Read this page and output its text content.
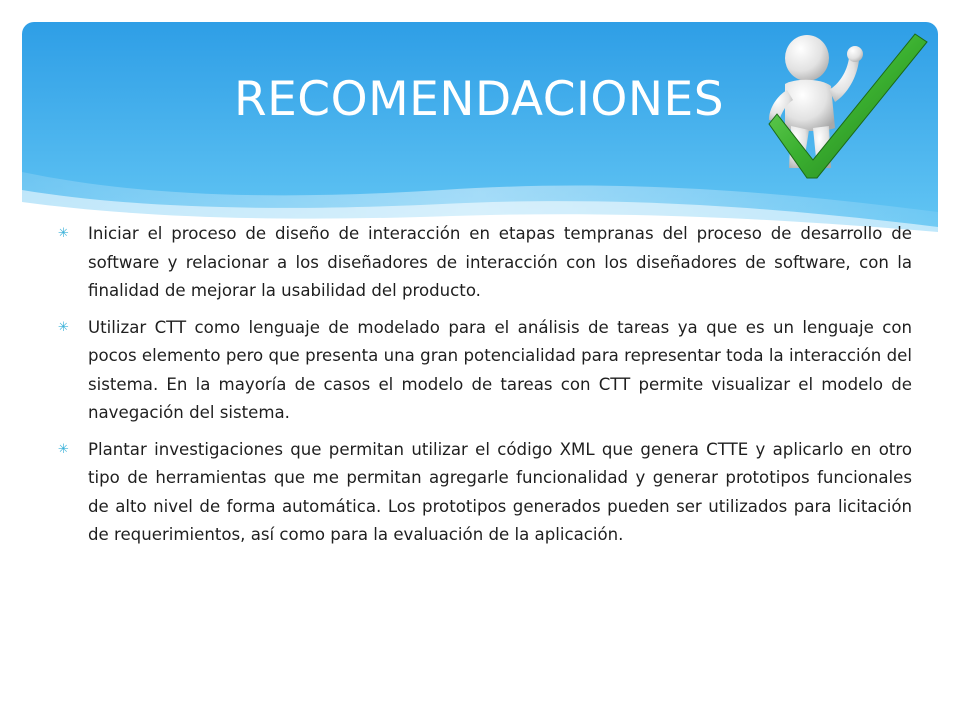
RECOMENDACIONES
✳ Iniciar el proceso de diseño de interacción en etapas tempranas del proceso de desarrollo de software y relacionar a los diseñadores de interacción con los diseñadores de software, con la finalidad de mejorar la usabilidad del producto.
✳ Utilizar CTT como lenguaje de modelado para el análisis de tareas ya que es un lenguaje con pocos elemento pero que presenta una gran potencialidad para representar toda la interacción del sistema. En la mayoría de casos el modelo de tareas con CTT permite visualizar el modelo de navegación del sistema.
✳ Plantar investigaciones que permitan utilizar el código XML que genera CTTE y aplicarlo en otro tipo de herramientas que me permitan agregarle funcionalidad y generar prototipos funcionales de alto nivel de forma automática. Los prototipos generados pueden ser utilizados para licitación de requerimientos, así como para la evaluación de la aplicación.
